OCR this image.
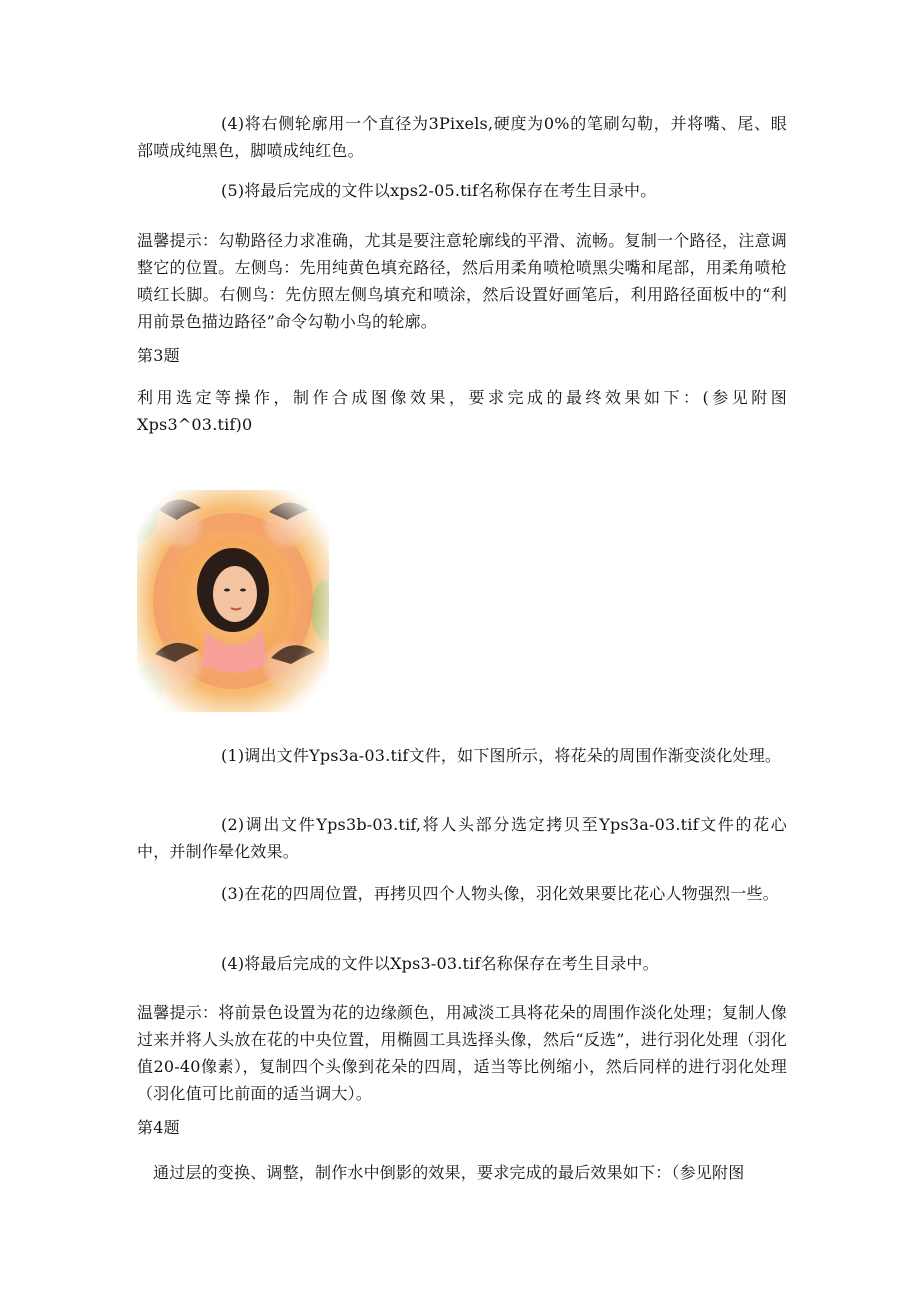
(4)将右侧轮廓用一个直径为3Pixels,硬度为0%的笔刷勾勒，并将嘴、尾、眼部喷成纯黑色，脚喷成纯红色。

(5)将最后完成的文件以xps2-05.tif名称保存在考生目录中。

温馨提示：勾勒路径力求准确，尤其是要注意轮廓线的平滑、流畅。复制一个路径，注意调整它的位置。左侧鸟：先用纯黄色填充路径，然后用柔角喷枪喷黑尖嘴和尾部，用柔角喷枪喷红长脚。右侧鸟：先仿照左侧鸟填充和喷涂，然后设置好画笔后，利用路径面板中的“利用前景色描边路径”命令勾勒小鸟的轮廓。

第3题

利用选定等操作，制作合成图像效果，要求完成的最终效果如下：(参见附图Xps3^03.tif)0

(1)调出文件Yps3a-03.tif文件，如下图所示，将花朵的周围作渐变淡化处理。

(2)调出文件Yps3b-03.tif,将人头部分选定拷贝至Yps3a-03.tif文件的花心中，并制作晕化效果。

(3)在花的四周位置，再拷贝四个人物头像，羽化效果要比花心人物强烈一些。

(4)将最后完成的文件以Xps3-03.tif名称保存在考生目录中。

温馨提示：将前景色设置为花的边缘颜色，用减淡工具将花朵的周围作淡化处理；复制人像过来并将人头放在花的中央位置，用椭圆工具选择头像，然后“反选”，进行羽化处理（羽化值20-40像素），复制四个头像到花朵的四周，适当等比例缩小，然后同样的进行羽化处理（羽化值可比前面的适当调大）。

第4题

通过层的变换、调整，制作水中倒影的效果，要求完成的最后效果如下：（参见附图
